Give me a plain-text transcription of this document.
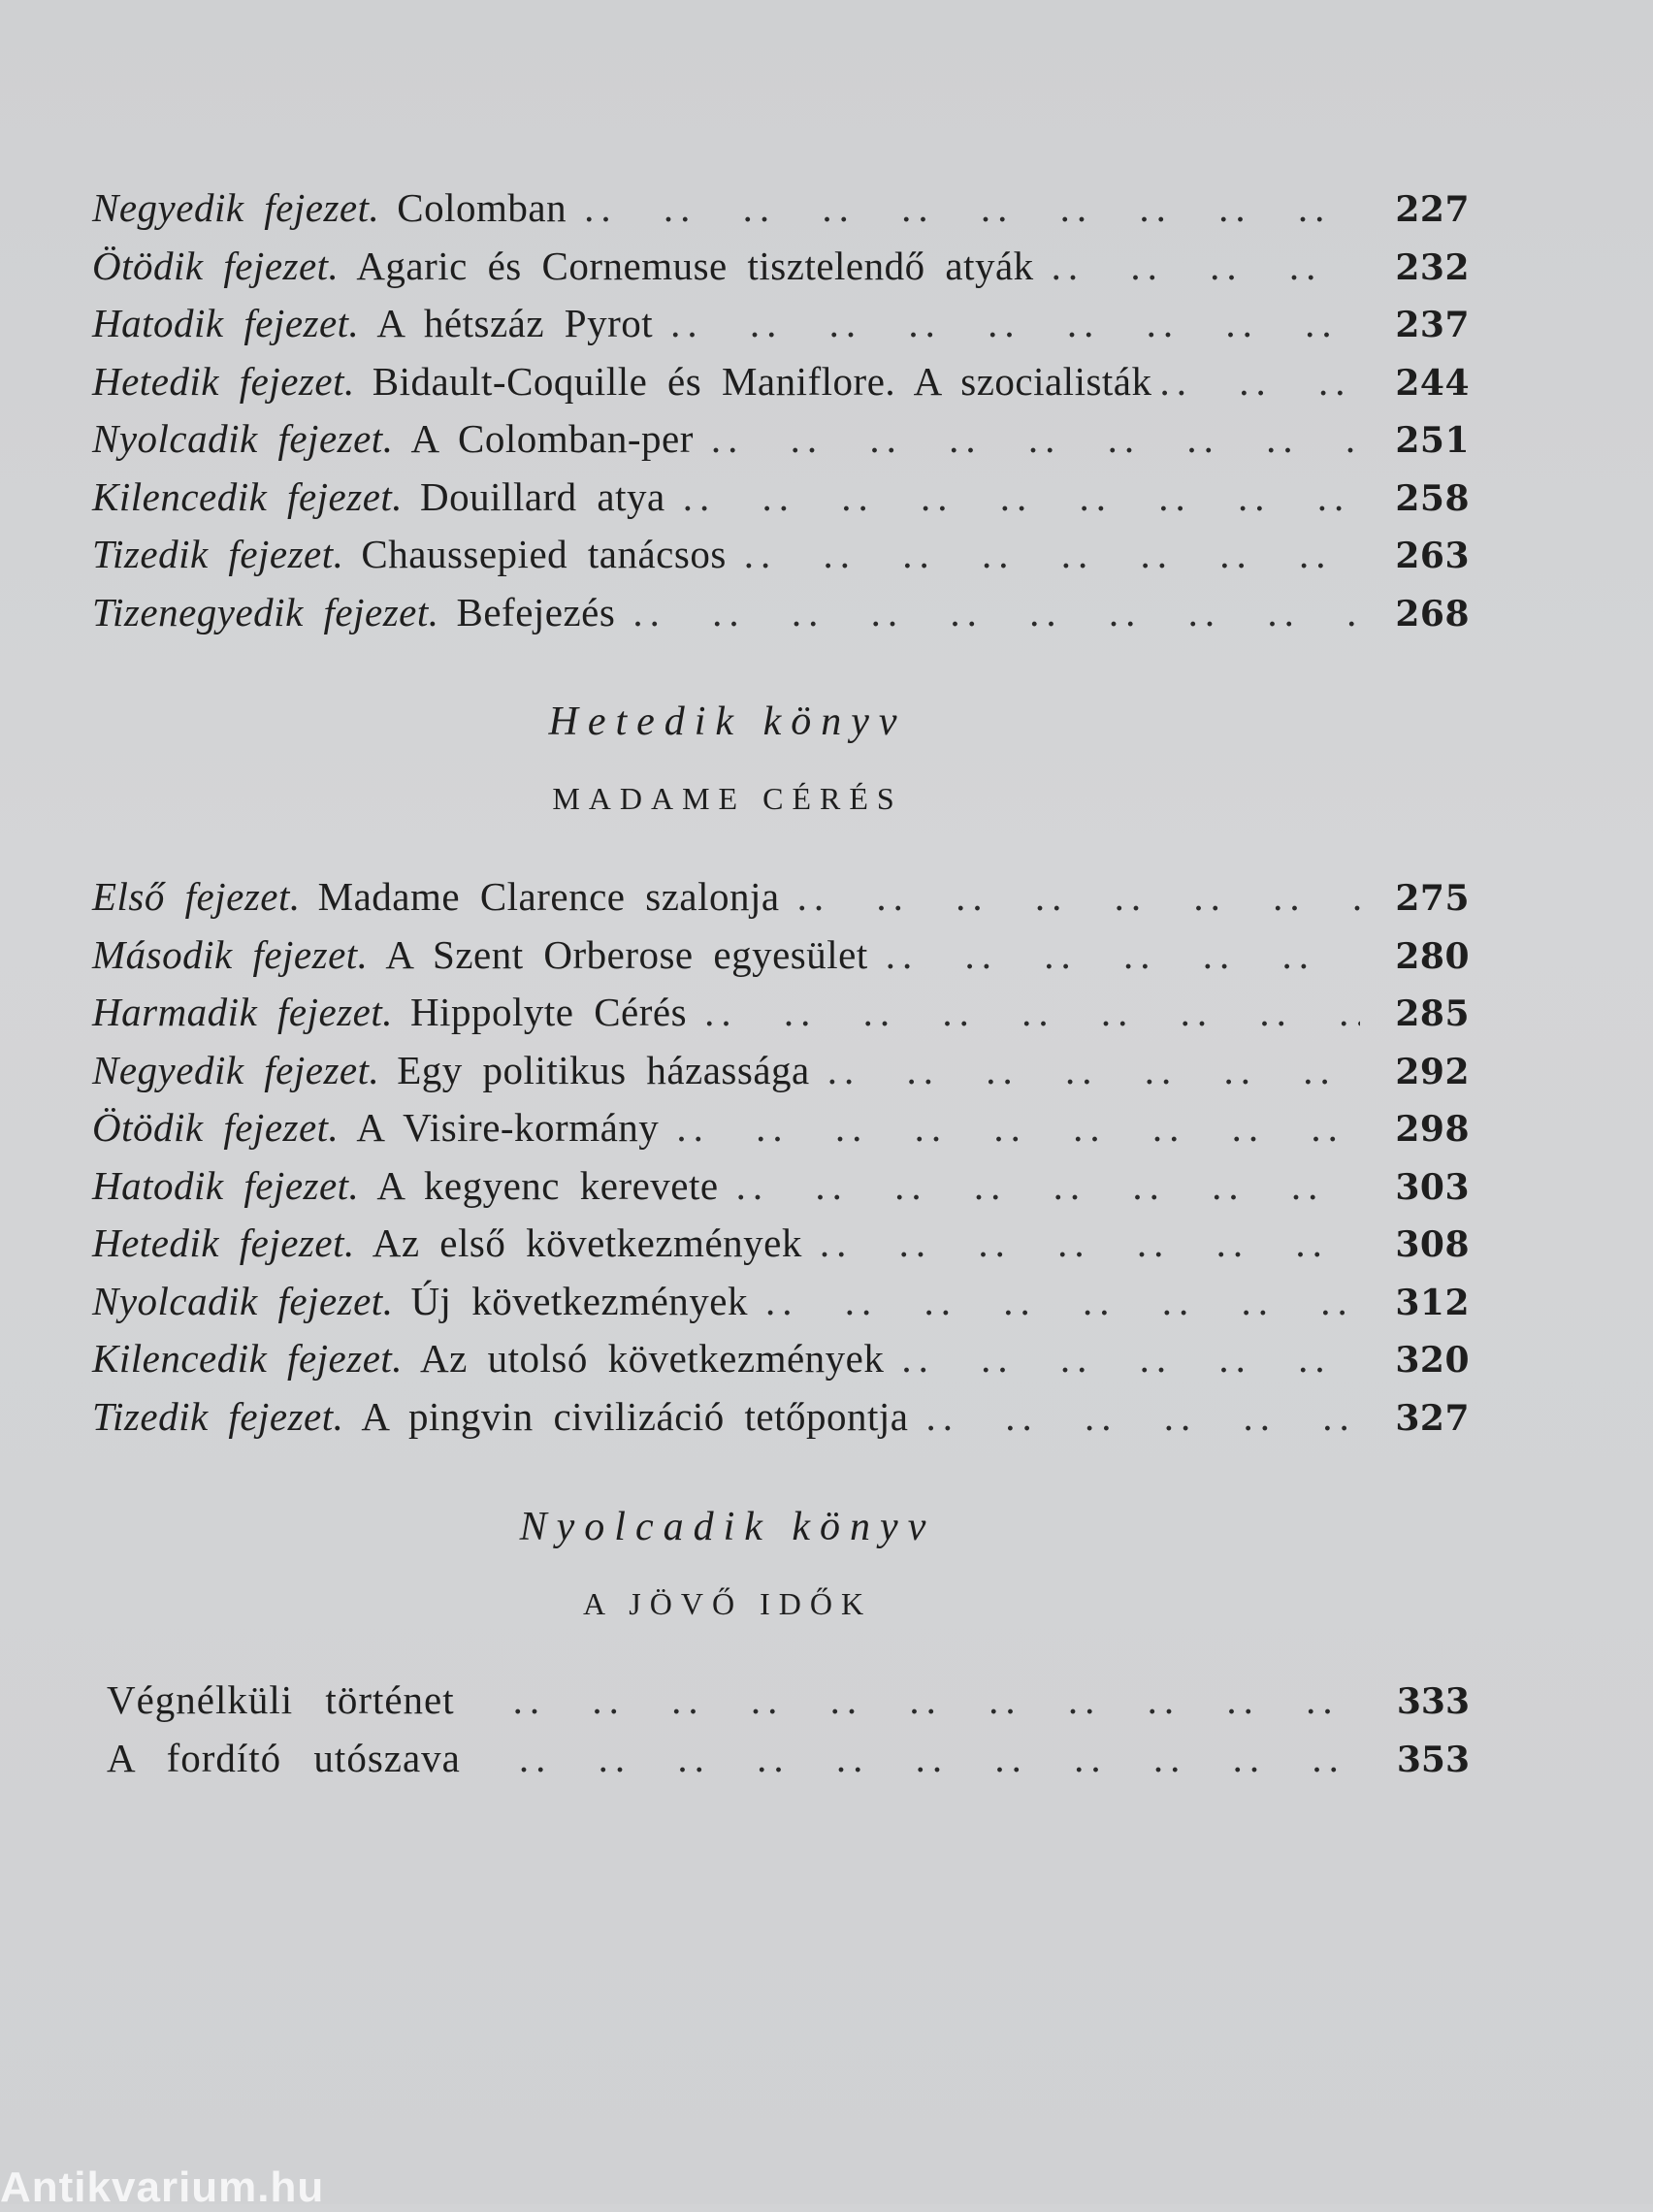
Negyedik fejezet. Colomban .. ..	227
Ötödik fejezet. Agaric és Cornemuse tisztelendő atyák .. ..	232
Hatodik fejezet. A hétszáz Pyrot .. ..	237
Hetedik fejezet. Bidault-Coquille és Maniflore. A szocialisták .. ..	244
Nyolcadik fejezet. A Colomban-per .. ..	251
Kilencedik fejezet. Douillard atya .. ..	258
Tizedik fejezet. Chaussepied tanácsos .. ..	263
Tizenegyedik fejezet. Befejezés .. ..	268
Hetedik könyv
MADAME CÉRÉS
Első fejezet. Madame Clarence szalonja .. ..	275
Második fejezet. A Szent Orberose egyesület .. ..	280
Harmadik fejezet. Hippolyte Cérés .. ..	285
Negyedik fejezet. Egy politikus házassága .. ..	292
Ötödik fejezet. A Visire-kormány .. ..	298
Hatodik fejezet. A kegyenc kerevete .. ..	303
Hetedik fejezet. Az első következmények .. ..	308
Nyolcadik fejezet. Új következmények .. ..	312
Kilencedik fejezet. Az utolsó következmények .. ..	320
Tizedik fejezet. A pingvin civilizáció tetőpontja .. ..	327
Nyolcadik könyv
A JÖVŐ IDŐK
Végnélküli történet .. ..	333
A fordító utószava .. ..	353
Antikvarium.hu
